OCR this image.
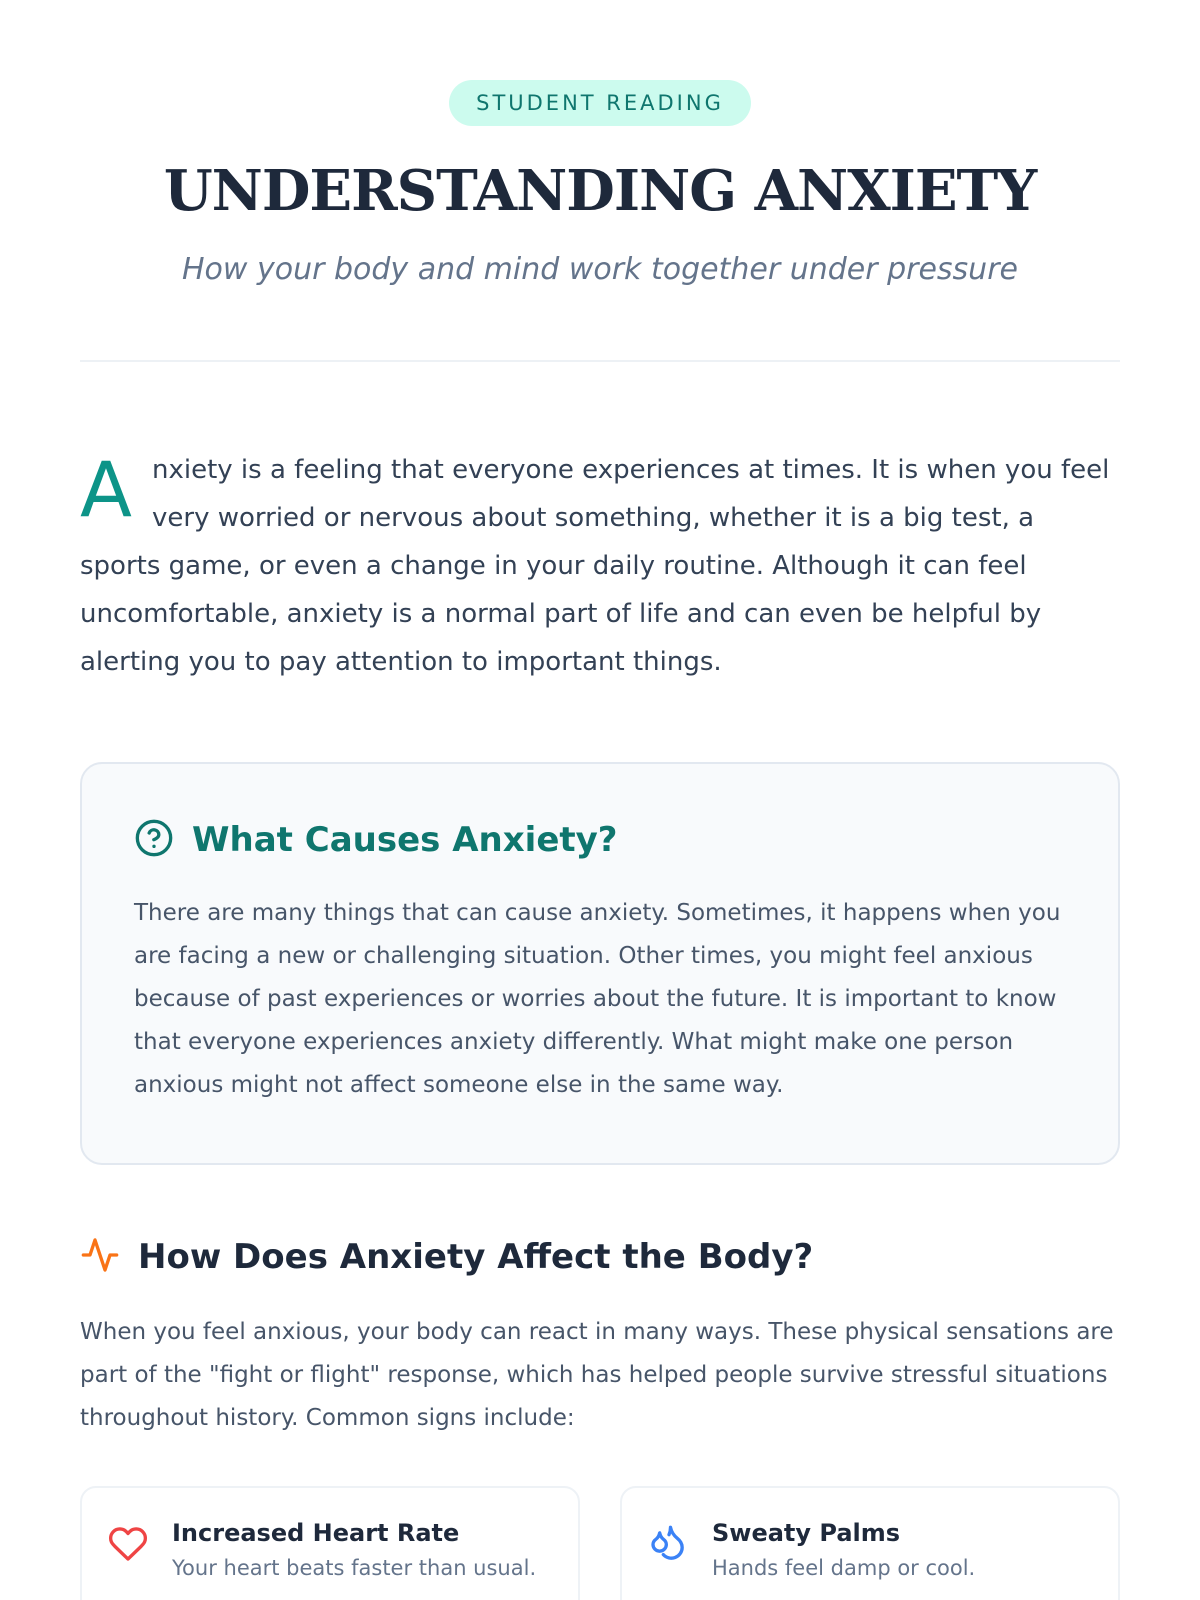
STUDENT READING
UNDERSTANDING ANXIETY

How your body and mind work together under pressure

A nxiety is a feeling that everyone experiences at times. It is when you feel very worried or nervous about something, whether it is a big test, a sports game, or even a change in your daily routine. Although it can feel uncomfortable, anxiety is a normal part of life and can even be helpful by alerting you to pay attention to important things.
What Causes Anxiety?

There are many things that can cause anxiety. Sometimes, it happens when you are facing a new or challenging situation. Other times, you might feel anxious because of past experiences or worries about the future. It is important to know that everyone experiences anxiety differently. What might make one person anxious might not affect someone else in the same way.

How Does Anxiety Affect the Body?

When you feel anxious, your body can react in many ways. These physical sensations are part of the "fight or flight" response, which has helped people survive stressful situations throughout history. Common signs include:

Increased Heart Rate
Your heart beats faster than usual.
Sweaty Palms
Hands feel damp or cool.
